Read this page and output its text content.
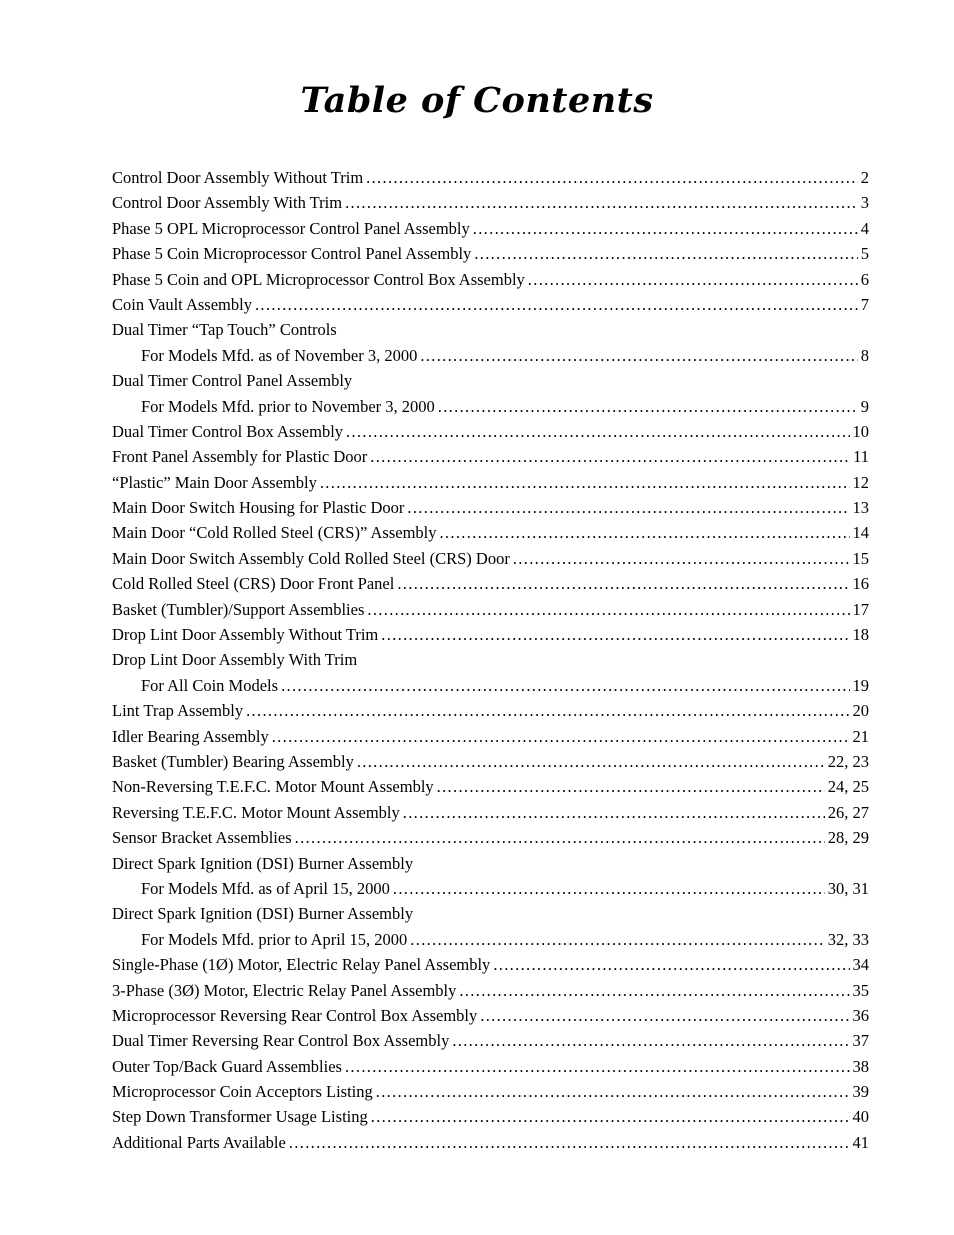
Table of Contents
Control Door Assembly Without Trim . . .	2
Control Door Assembly With Trim . . .	3
Phase 5 OPL Microprocessor Control Panel Assembly . . .	4
Phase 5 Coin Microprocessor Control Panel Assembly . . .	5
Phase 5 Coin and OPL Microprocessor Control Box Assembly . . .	6
Coin Vault Assembly . . .	7
Dual Timer “Tap Touch” Controls
For Models Mfd. as of November 3, 2000 . . .	8
Dual Timer Control Panel Assembly
For Models Mfd. prior to November 3, 2000 . . .	9
Dual Timer Control Box Assembly . . .	10
Front Panel Assembly for Plastic Door . . .	11
“Plastic” Main Door Assembly . . .	12
Main Door Switch Housing for Plastic Door . . .	13
Main Door “Cold Rolled Steel (CRS)” Assembly . . .	14
Main Door Switch Assembly Cold Rolled Steel (CRS) Door . . .	15
Cold Rolled Steel (CRS) Door Front Panel . . .	16
Basket (Tumbler)/Support Assemblies . . .	17
Drop Lint Door Assembly Without Trim . . .	18
Drop Lint Door Assembly With Trim
For All Coin Models . . .	19
Lint Trap Assembly . . .	20
Idler Bearing Assembly . . .	21
Basket (Tumbler) Bearing Assembly . . .	22, 23
Non-Reversing T.E.F.C. Motor Mount Assembly . . .	24, 25
Reversing T.E.F.C. Motor Mount Assembly . . .	26, 27
Sensor Bracket Assemblies . . .	28, 29
Direct Spark Ignition (DSI) Burner Assembly
For Models Mfd. as of April 15, 2000 . . .	30, 31
Direct Spark Ignition (DSI) Burner Assembly
For Models Mfd. prior to April 15, 2000 . . .	32, 33
Single-Phase (1Ø) Motor, Electric Relay Panel Assembly . . .	34
3-Phase (3Ø) Motor, Electric Relay Panel Assembly . . .	35
Microprocessor Reversing Rear Control Box Assembly . . .	36
Dual Timer Reversing Rear Control Box Assembly . . .	37
Outer Top/Back Guard Assemblies . . .	38
Microprocessor Coin Acceptors Listing . . .	39
Step Down Transformer Usage Listing . . .	40
Additional Parts Available . . .	41
